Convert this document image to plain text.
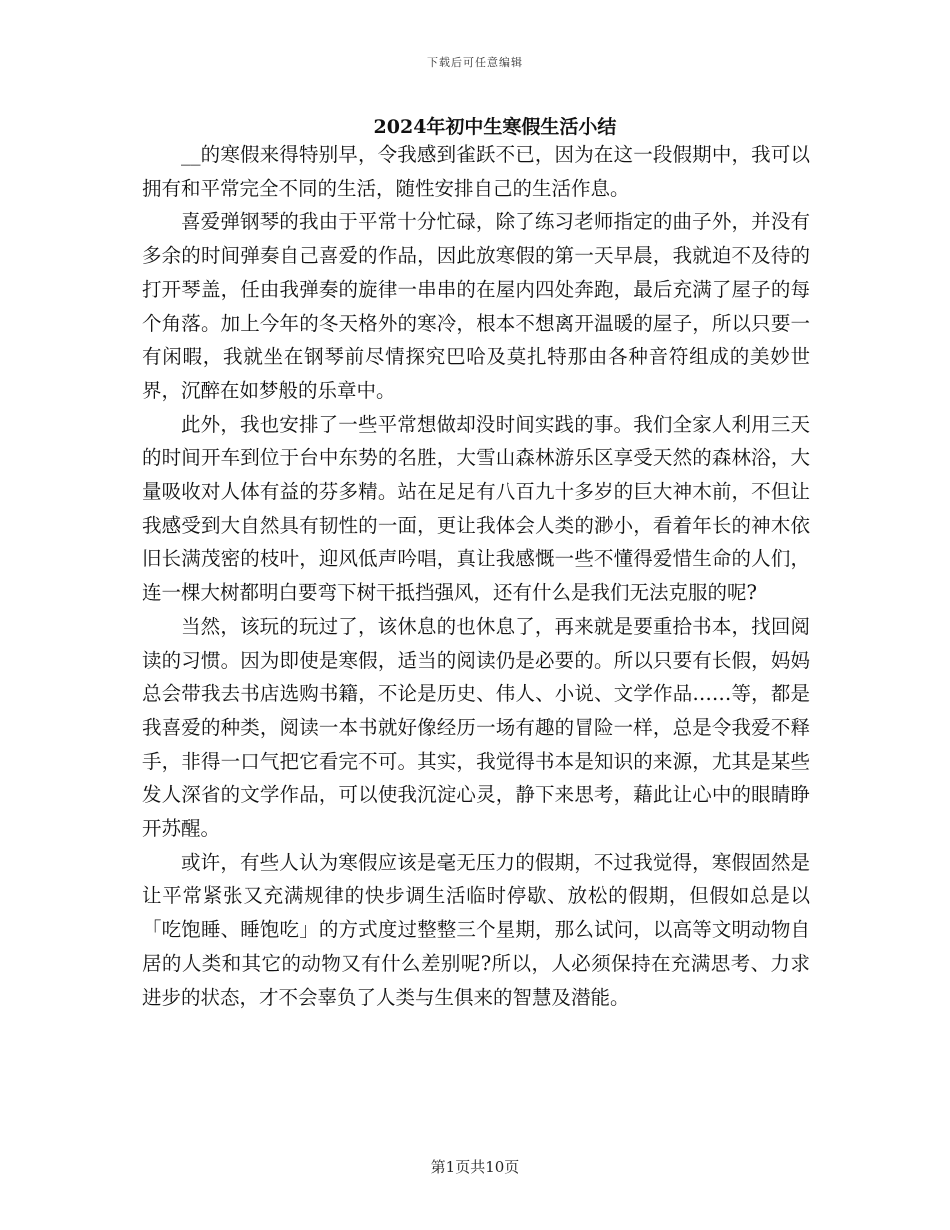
下载后可任意编辑
2024年初中生寒假生活小结

__的寒假来得特别早，令我感到雀跃不已，因为在这一段假期中，我可以拥有和平常完全不同的生活，随性安排自己的生活作息。

喜爱弹钢琴的我由于平常十分忙碌，除了练习老师指定的曲子外，并没有多余的时间弹奏自己喜爱的作品，因此放寒假的第一天早晨，我就迫不及待的打开琴盖，任由我弹奏的旋律一串串的在屋内四处奔跑，最后充满了屋子的每个角落。加上今年的冬天格外的寒冷，根本不想离开温暖的屋子，所以只要一有闲暇，我就坐在钢琴前尽情探究巴哈及莫扎特那由各种音符组成的美妙世界，沉醉在如梦般的乐章中。

此外，我也安排了一些平常想做却没时间实践的事。我们全家人利用三天的时间开车到位于台中东势的名胜，大雪山森林游乐区享受天然的森林浴，大量吸收对人体有益的芬多精。站在足足有八百九十多岁的巨大神木前，不但让我感受到大自然具有韧性的一面，更让我体会人类的渺小，看着年长的神木依旧长满茂密的枝叶，迎风低声吟唱，真让我感慨一些不懂得爱惜生命的人们，连一棵大树都明白要弯下树干抵挡强风，还有什么是我们无法克服的呢?

当然，该玩的玩过了，该休息的也休息了，再来就是要重拾书本，找回阅读的习惯。因为即使是寒假，适当的阅读仍是必要的。所以只要有长假，妈妈总会带我去书店选购书籍，不论是历史、伟人、小说、文学作品……等，都是我喜爱的种类，阅读一本书就好像经历一场有趣的冒险一样，总是令我爱不释手，非得一口气把它看完不可。其实，我觉得书本是知识的来源，尤其是某些发人深省的文学作品，可以使我沉淀心灵，静下来思考，藉此让心中的眼睛睁开苏醒。

或许，有些人认为寒假应该是毫无压力的假期，不过我觉得，寒假固然是让平常紧张又充满规律的快步调生活临时停歇、放松的假期，但假如总是以「吃饱睡、睡饱吃」的方式度过整整三个星期，那么试问，以高等文明动物自居的人类和其它的动物又有什么差别呢?所以，人必须保持在充满思考、力求进步的状态，才不会辜负了人类与生俱来的智慧及潜能。

第1页共10页
